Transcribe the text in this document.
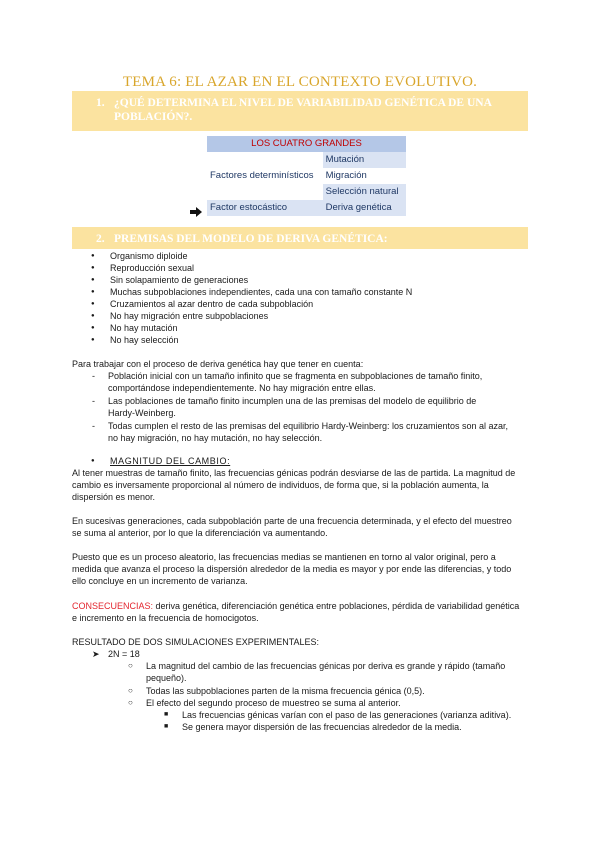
TEMA 6: EL AZAR EN EL CONTEXTO EVOLUTIVO.
1. ¿QUÉ DETERMINA EL NIVEL DE VARIABILIDAD GENÉTICA DE UNA POBLACIÓN?.
LOS CUATRO GRANDES	
Factores determinísticos	Mutación
	Migración
	Selección natural
Factor estocástico	Deriva genética
2. PREMISAS DEL MODELO DE DERIVA GENÉTICA:
● Organismo diploide
● Reproducción sexual
● Sin solapamiento de generaciones
● Muchas subpoblaciones independientes, cada una con tamaño constante N
● Cruzamientos al azar dentro de cada subpoblación
● No hay migración entre subpoblaciones
● No hay mutación
● No hay selección
Para trabajar con el proceso de deriva genética hay que tener en cuenta:
- Población inicial con un tamaño infinito que se fragmenta en subpoblaciones de tamaño finito,
comportándose independientemente. No hay migración entre ellas.
- Las poblaciones de tamaño finito incumplen una de las premisas del modelo de equilibrio de
Hardy-Weinberg.
- Todas cumplen el resto de las premisas del equilibrio Hardy-Weinberg: los cruzamientos son al azar,
no hay migración, no hay mutación, no hay selección.
● MAGNITUD DEL CAMBIO:
Al tener muestras de tamaño finito, las frecuencias génicas podrán desviarse de las de partida. La magnitud de
cambio es inversamente proporcional al número de individuos, de forma que, si la población aumenta, la
dispersión es menor.
En sucesivas generaciones, cada subpoblación parte de una frecuencia determinada, y el efecto del muestreo
se suma al anterior, por lo que la diferenciación va aumentando.
Puesto que es un proceso aleatorio, las frecuencias medias se mantienen en torno al valor original, pero a
medida que avanza el proceso la dispersión alrededor de la media es mayor y por ende las diferencias, y todo
ello concluye en un incremento de varianza.
CONSECUENCIAS: deriva genética, diferenciación genética entre poblaciones, pérdida de variabilidad genética
e incremento en la frecuencia de homocigotos.
RESULTADO DE DOS SIMULACIONES EXPERIMENTALES:
➤ 2N = 18
○ La magnitud del cambio de las frecuencias génicas por deriva es grande y rápido (tamaño
pequeño).
○ Todas las subpoblaciones parten de la misma frecuencia génica (0,5).
○ El efecto del segundo proceso de muestreo se suma al anterior.
■ Las frecuencias génicas varían con el paso de las generaciones (varianza aditiva).
■ Se genera mayor dispersión de las frecuencias alrededor de la media.
